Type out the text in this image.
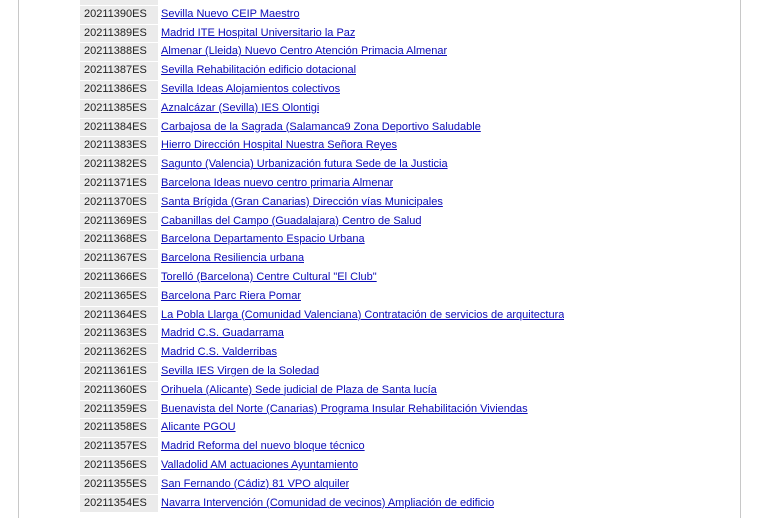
20211390ES	Sevilla Nuevo CEIP Maestro
20211389ES	Madrid ITE Hospital Universitario la Paz
20211388ES	Almenar (Lleida) Nuevo Centro Atención Primacia Almenar
20211387ES	Sevilla Rehabilitación edificio dotacional
20211386ES	Sevilla Ideas Alojamientos colectivos
20211385ES	Aznalcázar (Sevilla) IES Olontigi
20211384ES	Carbajosa de la Sagrada (Salamanca9 Zona Deportivo Saludable
20211383ES	Hierro Dirección Hospital Nuestra Señora Reyes
20211382ES	Sagunto (Valencia) Urbanización futura Sede de la Justicia
20211371ES	Barcelona Ideas nuevo centro primaria Almenar
20211370ES	Santa Brígida (Gran Canarias) Dirección vías Municipales
20211369ES	Cabanillas del Campo (Guadalajara) Centro de Salud
20211368ES	Barcelona Departamento Espacio Urbana
20211367ES	Barcelona Resiliencia urbana
20211366ES	Torelló (Barcelona) Centre Cultural "El Club"
20211365ES	Barcelona Parc Riera Pomar
20211364ES	La Pobla Llarga (Comunidad Valenciana) Contratación de servicios de arquitectura
20211363ES	Madrid C.S. Guadarrama
20211362ES	Madrid C.S. Valderribas
20211361ES	Sevilla IES Virgen de la Soledad
20211360ES	Orihuela (Alicante) Sede judicial de Plaza de Santa lucía
20211359ES	Buenavista del Norte (Canarias) Programa Insular Rehabilitación Viviendas
20211358ES	Alicante PGOU
20211357ES	Madrid Reforma del nuevo bloque técnico
20211356ES	Valladolid AM actuaciones Ayuntamiento
20211355ES	San Fernando (Cádiz) 81 VPO alquiler
20211354ES	Navarra Intervención (Comunidad de vecinos) Ampliación de edificio
